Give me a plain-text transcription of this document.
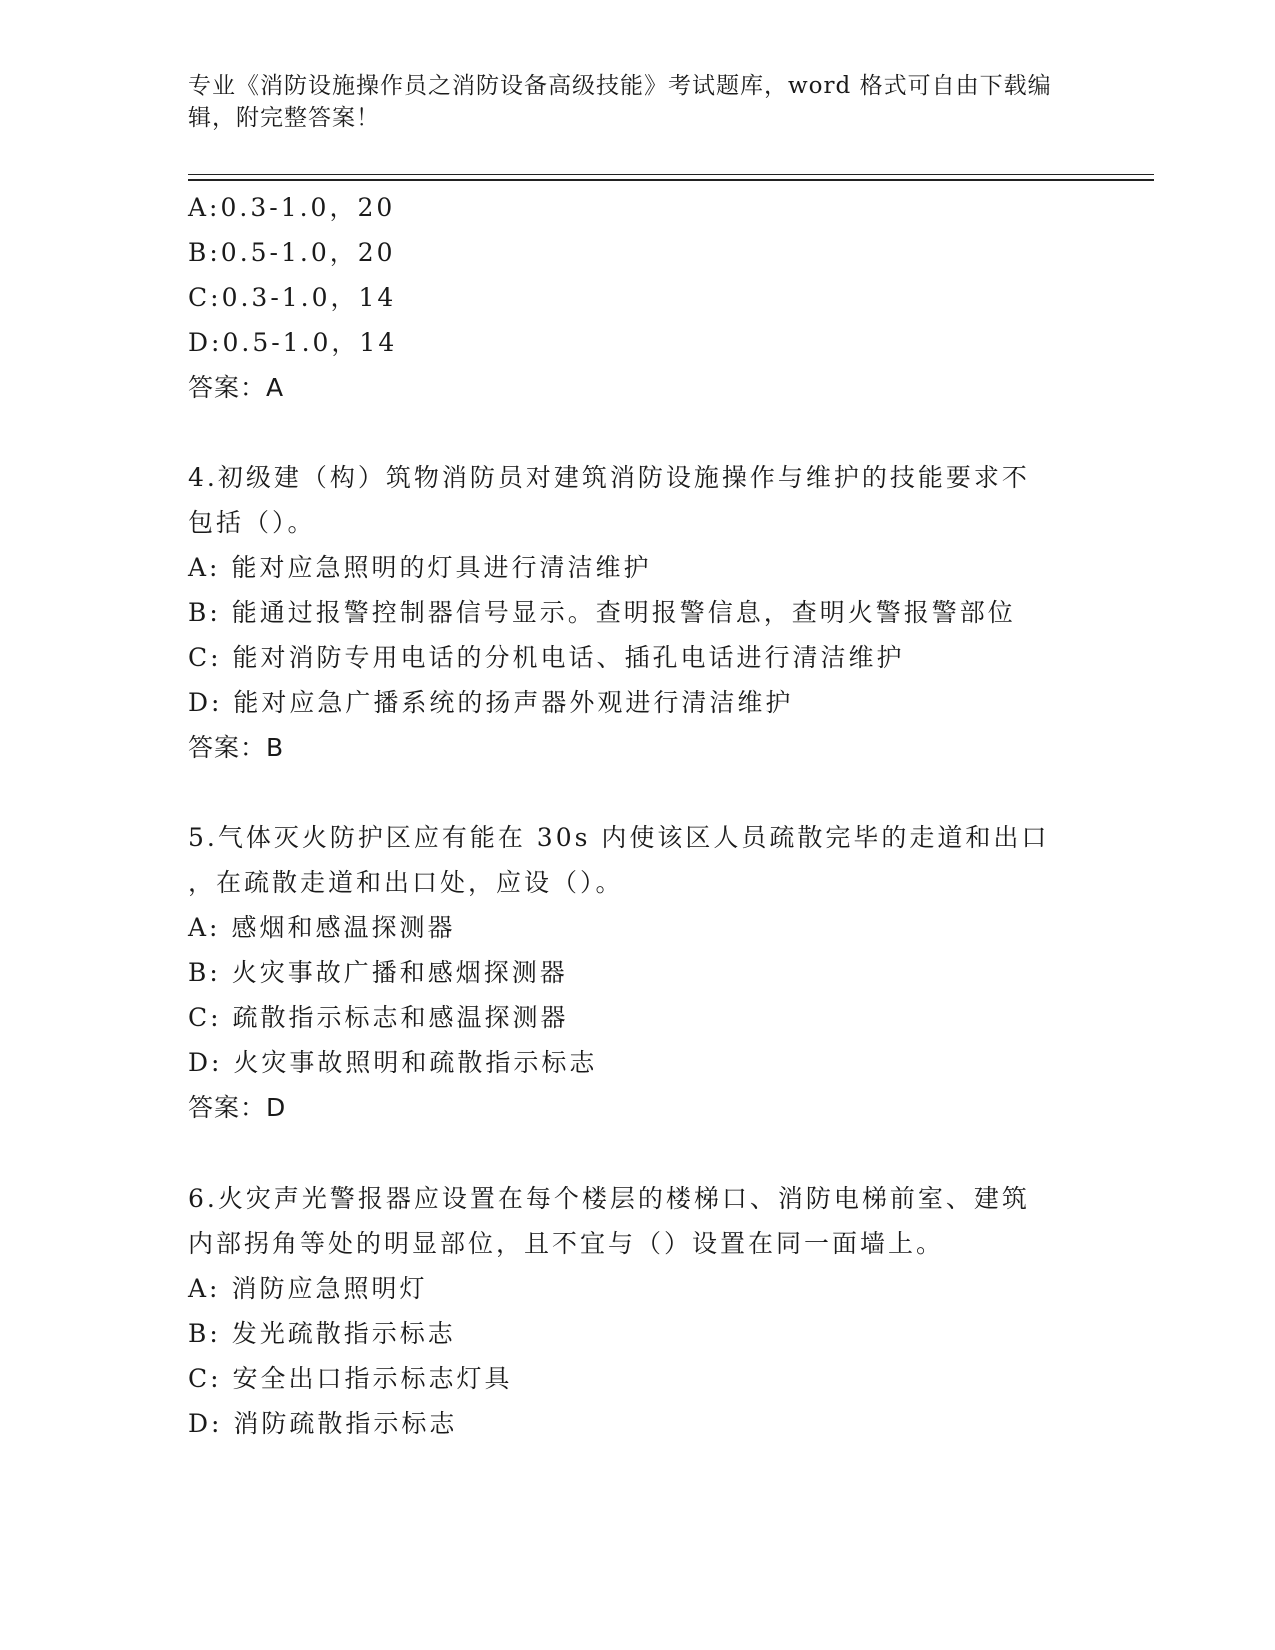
专业《消防设施操作员之消防设备高级技能》考试题库，word 格式可自由下载编
辑，附完整答案！
A:0.3-1.0，20
B:0.5-1.0，20
C:0.3-1.0，14
D:0.5-1.0，14
答案：A
4.初级建（构）筑物消防员对建筑消防设施操作与维护的技能要求不
包括（）。
A: 能对应急照明的灯具进行清洁维护
B: 能通过报警控制器信号显示。查明报警信息，查明火警报警部位
C: 能对消防专用电话的分机电话、插孔电话进行清洁维护
D: 能对应急广播系统的扬声器外观进行清洁维护
答案：B
5.气体灭火防护区应有能在 30s 内使该区人员疏散完毕的走道和出口
，在疏散走道和出口处，应设（）。
A: 感烟和感温探测器
B: 火灾事故广播和感烟探测器
C: 疏散指示标志和感温探测器
D: 火灾事故照明和疏散指示标志
答案：D
6.火灾声光警报器应设置在每个楼层的楼梯口、消防电梯前室、建筑
内部拐角等处的明显部位，且不宜与（）设置在同一面墙上。
A: 消防应急照明灯
B: 发光疏散指示标志
C: 安全出口指示标志灯具
D: 消防疏散指示标志
